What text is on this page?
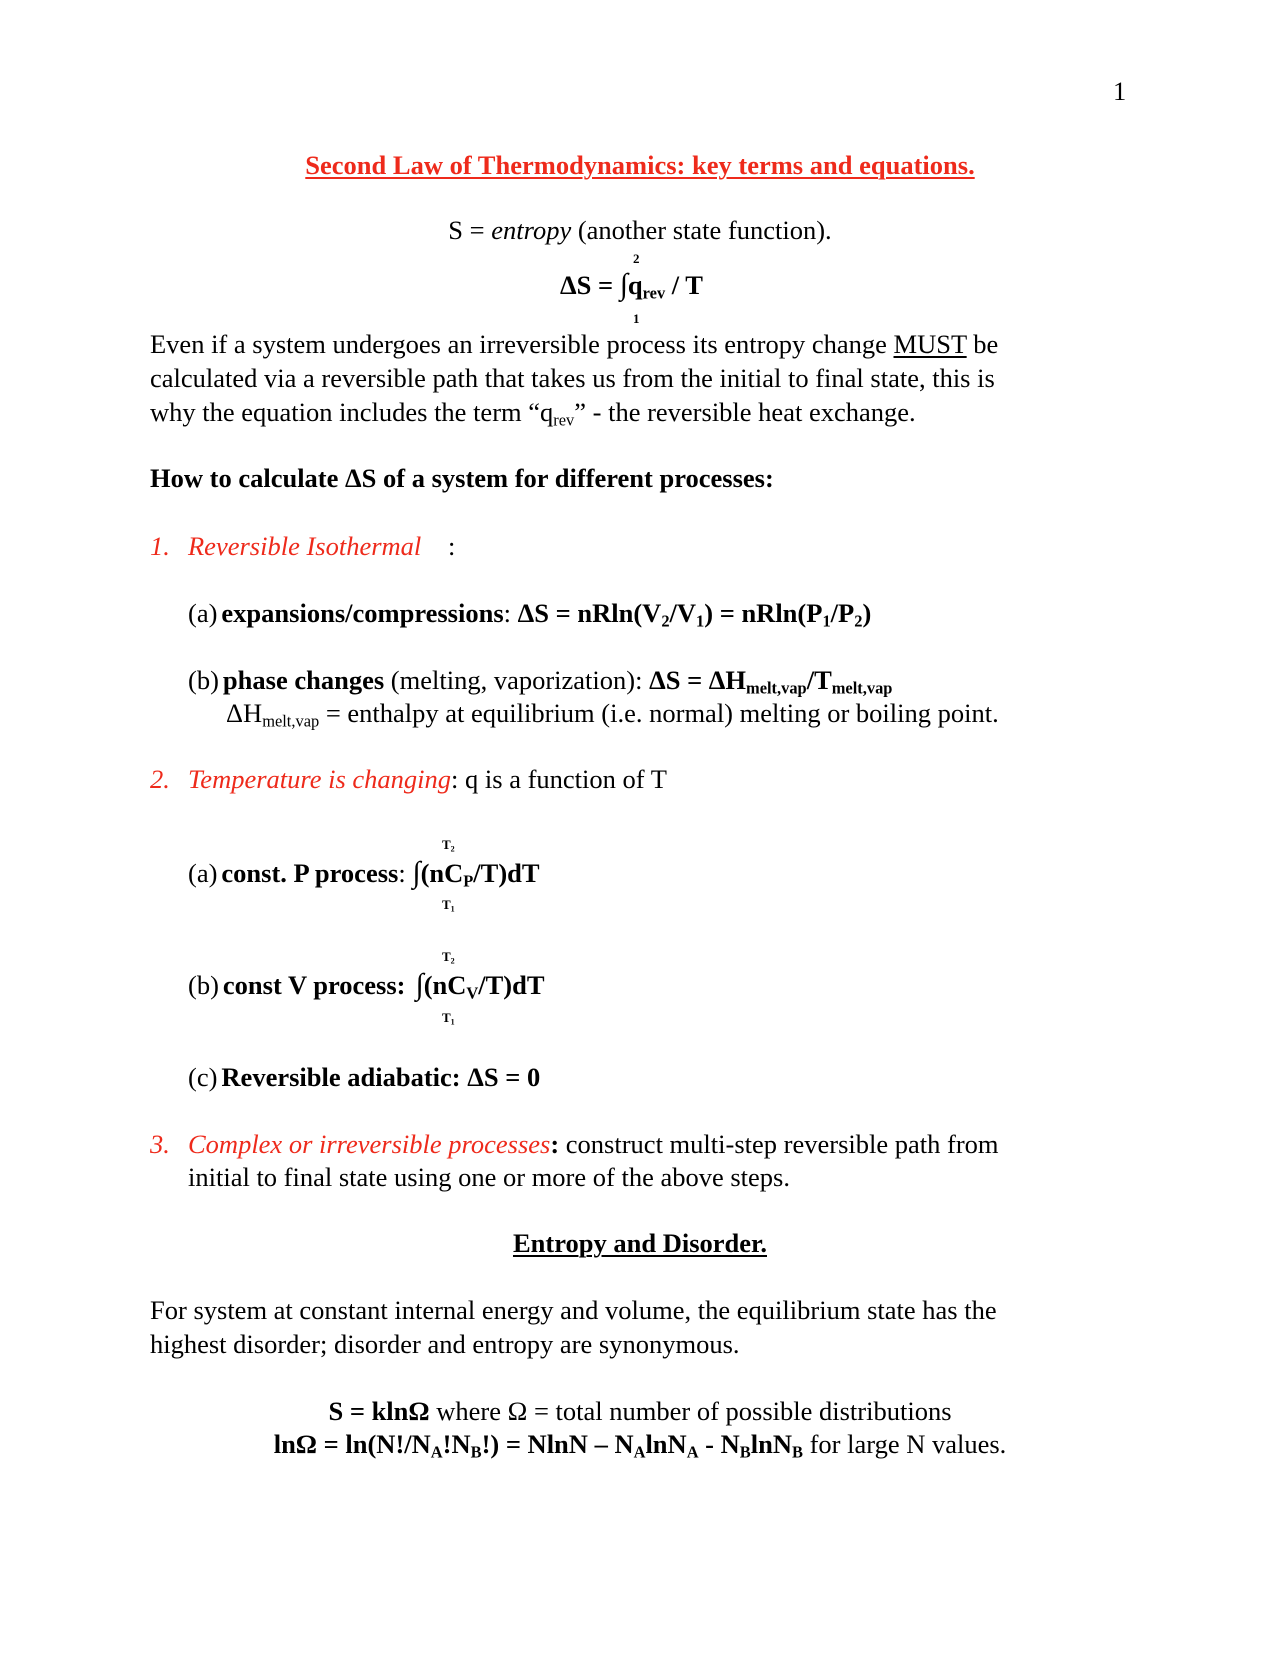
1
Second Law of Thermodynamics: key terms and equations.
S = entropy (another state function).
$\Delta S = \int q_{rev} / T$
2
1
Even if a system undergoes an irreversible process its entropy change MUST be
calculated via a reversible path that takes us from the initial to final state, this is
why the equation includes the term “$q_{rev}$” - the reversible heat exchange.
How to calculate ΔS of a system for different processes:
1. Reversible Isothermal :
(a) expansions/compressions: $\Delta S = nRln(V_2/V_1) = nRln(P_1/P_2)$
(b) phase changes (melting, vaporization): $\Delta S = \Delta H_{melt,vap}/T_{melt,vap}$
$\Delta H_{melt,vap}$ = enthalpy at equilibrium (i.e. normal) melting or boiling point.
2. Temperature is changing: q is a function of T
(a) const. P process: $\int(nC_P/T)dT$
$T_2$
$T_1$
(b) const V process: $\int(nC_V/T)dT$
$T_2$
$T_1$
(c) Reversible adiabatic: ΔS = 0
3. Complex or irreversible processes: construct multi-step reversible path from
initial to final state using one or more of the above steps.
Entropy and Disorder.
For system at constant internal energy and volume, the equilibrium state has the
highest disorder; disorder and entropy are synonymous.
S = klnΩ where Ω = total number of possible distributions
$\ln\Omega = \ln(N!/N_A!N_B!) = NlnN - N_A\ln N_A - N_B\ln N_B$ for large N values.
